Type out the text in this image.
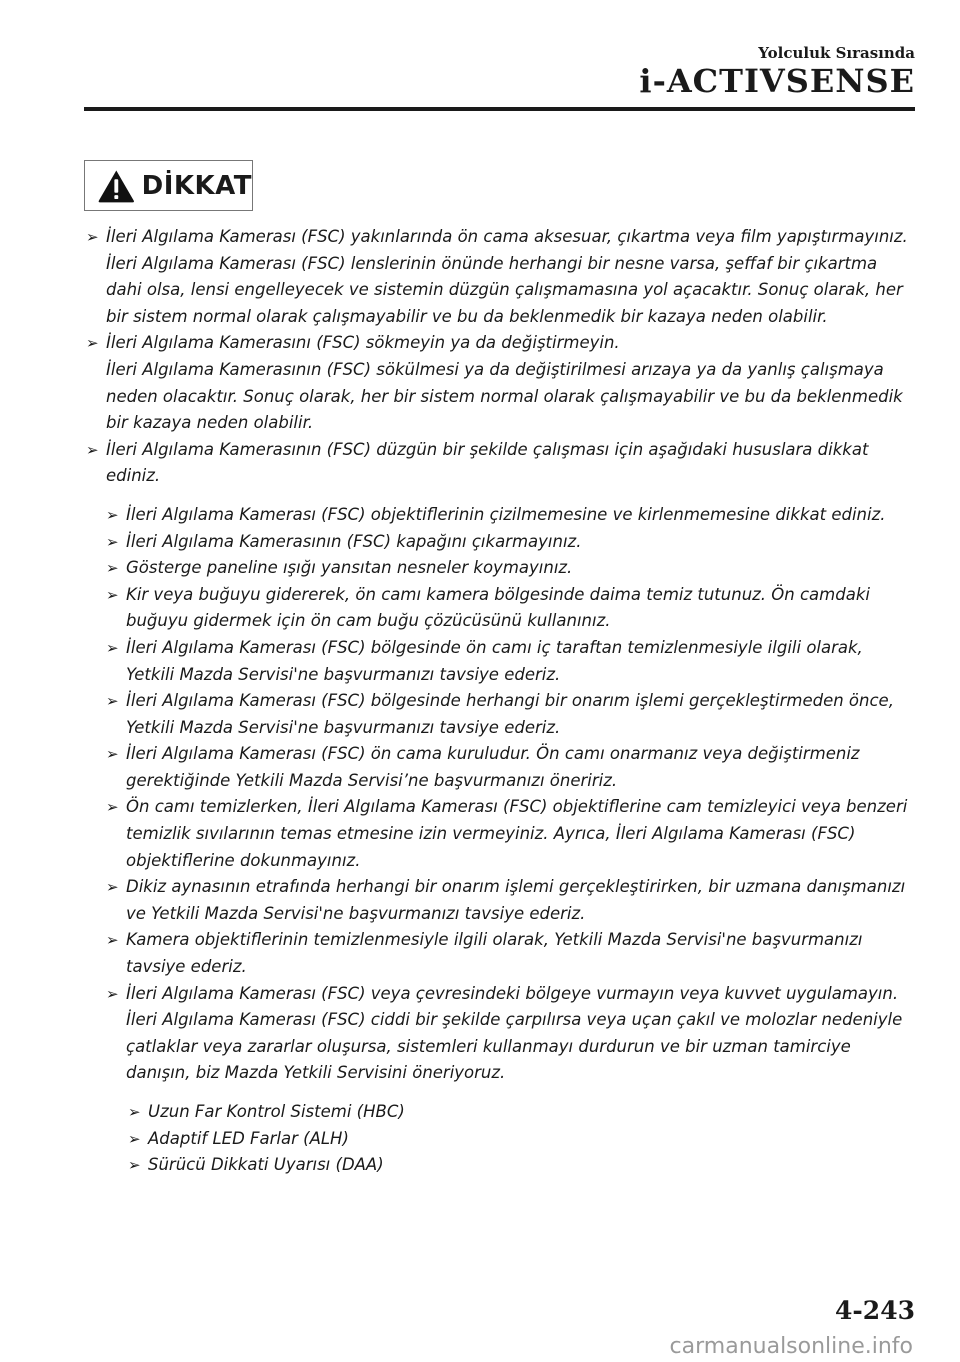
Yolculuk Sırasında
i-ACTIVSENSE
DİKKAT
➢ İleri Algılama Kamerası (FSC) yakınlarında ön cama aksesuar, çıkartma veya film yapıştırmayınız.
İleri Algılama Kamerası (FSC) lenslerinin önünde herhangi bir nesne varsa, şeffaf bir çıkartma dahi olsa, lensi engelleyecek ve sistemin düzgün çalışmamasına yol açacaktır. Sonuç olarak, her bir sistem normal olarak çalışmayabilir ve bu da beklenmedik bir kazaya neden olabilir.
➢ İleri Algılama Kamerasını (FSC) sökmeyin ya da değiştirmeyin.
İleri Algılama Kamerasının (FSC) sökülmesi ya da değiştirilmesi arızaya ya da yanlış çalışmaya neden olacaktır. Sonuç olarak, her bir sistem normal olarak çalışmayabilir ve bu da beklenmedik bir kazaya neden olabilir.
➢ İleri Algılama Kamerasının (FSC) düzgün bir şekilde çalışması için aşağıdaki hususlara dikkat ediniz.
➢ İleri Algılama Kamerası (FSC) objektiflerinin çizilmemesine ve kirlenmemesine dikkat ediniz.
➢ İleri Algılama Kamerasının (FSC) kapağını çıkarmayınız.
➢ Gösterge paneline ışığı yansıtan nesneler koymayınız.
➢ Kir veya buğuyu gidererek, ön camı kamera bölgesinde daima temiz tutunuz. Ön camdaki buğuyu gidermek için ön cam buğu çözücüsünü kullanınız.
➢ İleri Algılama Kamerası (FSC) bölgesinde ön camı iç taraftan temizlenmesiyle ilgili olarak, Yetkili Mazda Servisi'ne başvurmanızı tavsiye ederiz.
➢ İleri Algılama Kamerası (FSC) bölgesinde herhangi bir onarım işlemi gerçekleştirmeden önce, Yetkili Mazda Servisi'ne başvurmanızı tavsiye ederiz.
➢ İleri Algılama Kamerası (FSC) ön cama kuruludur. Ön camı onarmanız veya değiştirmeniz gerektiğinde Yetkili Mazda Servisi’ne başvurmanızı öneririz.
➢ Ön camı temizlerken, İleri Algılama Kamerası (FSC) objektiflerine cam temizleyici veya benzeri temizlik sıvılarının temas etmesine izin vermeyiniz. Ayrıca, İleri Algılama Kamerası (FSC) objektiflerine dokunmayınız.
➢ Dikiz aynasının etrafında herhangi bir onarım işlemi gerçekleştirirken, bir uzmana danışmanızı ve Yetkili Mazda Servisi'ne başvurmanızı tavsiye ederiz.
➢ Kamera objektiflerinin temizlenmesiyle ilgili olarak, Yetkili Mazda Servisi'ne başvurmanızı tavsiye ederiz.
➢ İleri Algılama Kamerası (FSC) veya çevresindeki bölgeye vurmayın veya kuvvet uygulamayın. İleri Algılama Kamerası (FSC) ciddi bir şekilde çarpılırsa veya uçan çakıl ve molozlar nedeniyle çatlaklar veya zararlar oluşursa, sistemleri kullanmayı durdurun ve bir uzman tamirciye danışın, biz Mazda Yetkili Servisini öneriyoruz.
➢ Uzun Far Kontrol Sistemi (HBC)
➢ Adaptif LED Farlar (ALH)
➢ Sürücü Dikkati Uyarısı (DAA)
4-243
carmanualsonline.info
